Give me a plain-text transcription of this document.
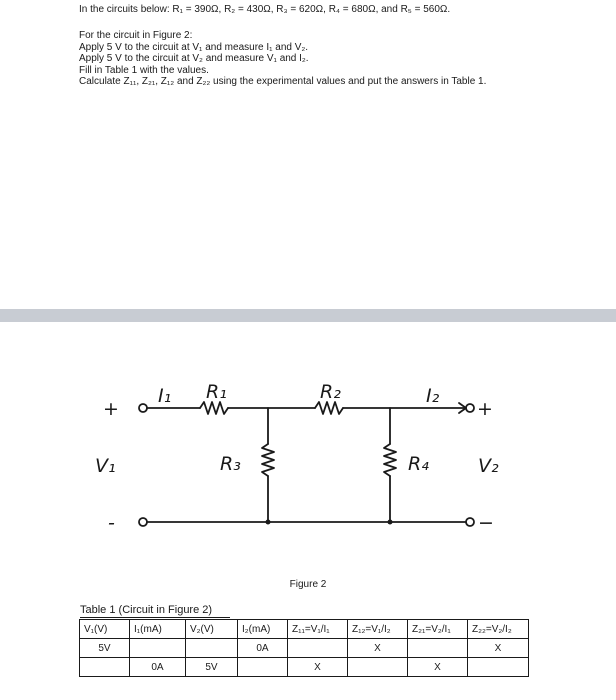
In the circuits below: R₁ = 390Ω, R₂ = 430Ω, R₃ = 620Ω, R₄ = 680Ω, and R₅ = 560Ω.
For the circuit in Figure 2:
Apply 5 V to the circuit at V₁ and measure I₁ and V₂.
Apply 5 V to the circuit at V₂ and measure V₁ and I₂.
Fill in Table 1 with the values.
Calculate Z₁₁, Z₂₁, Z₁₂ and Z₂₂ using the experimental values and put the answers in Table 1.
I₁ R₁	R₂	I₂
R₃	R₄
V₁	V₂
+
-
+
−
Figure 2
Table 1 (Circuit in Figure 2)
V₁(V)	I₁(mA)	V₂(V)	I₂(mA)	Z₁₁=V₁/I₁	Z₁₂=V₁/I₂	Z₂₁=V₂/I₁	Z₂₂=V₂/I₂
5V			0A		X		X
	0A	5V		X		X	
